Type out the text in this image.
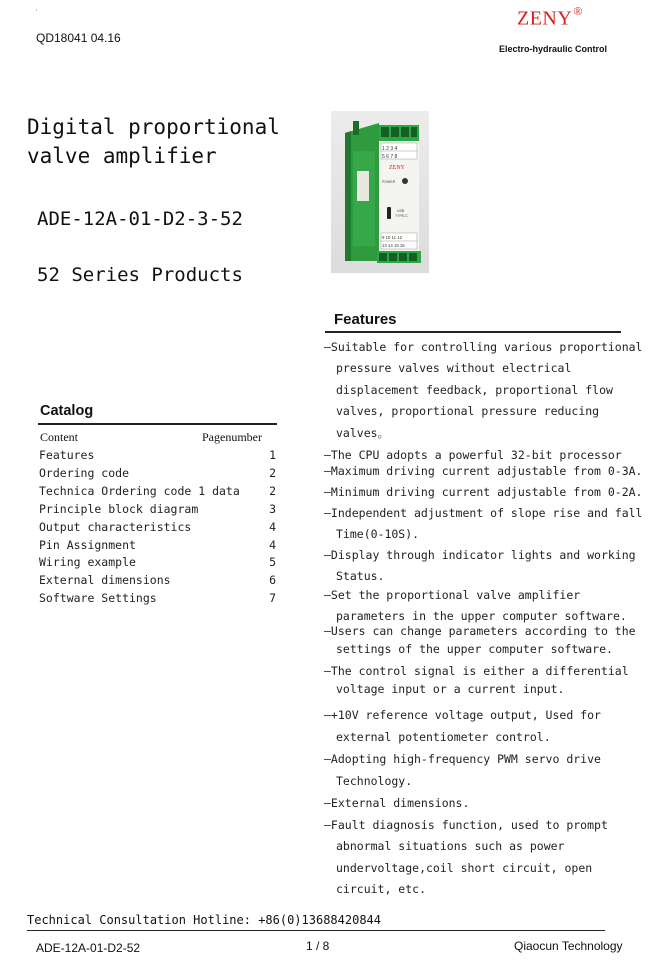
'
QD18041 04.16
ZENY®
Electro-hydraulic Control
Digital proportional
valve amplifier
ADE-12A-01-D2-3-52
52 Series Products
1 2 3 4
5 6 7 8
ZENY
POWER
USB
TYPE-C
9 10 11 12
13 14 15 16
Features
—Suitable for controlling various proportional
pressure valves without electrical
displacement feedback, proportional flow
valves, proportional pressure reducing
valves。
—The CPU adopts a powerful 32-bit processor
—Maximum driving current adjustable from 0-3A.
—Minimum driving current adjustable from 0-2A.
—Independent adjustment of slope rise and fall
Time(0-10S).
—Display through indicator lights and working
Status.
—Set the proportional valve amplifier
parameters in the upper computer software.
—Users can change parameters according to the
settings of the upper computer software.
—The control signal is either a differential
voltage input or a current input.
—+10V reference voltage output, Used for
external potentiometer control.
—Adopting high-frequency PWM servo drive
Technology.
—External dimensions.
—Fault diagnosis function, used to prompt
abnormal situations such as power
undervoltage,coil short circuit, open
circuit, etc.
Catalog
Content	Pagenumber
Features	1
Ordering code	2
Technica Ordering code 1 data	2
Principle block diagram	3
Output characteristics	4
Pin Assignment	4
Wiring example	5
External dimensions	6
Software Settings	7
Technical Consultation Hotline: +86(0)13688420844
ADE-12A-01-D2-52	1 / 8	Qiaocun Technology
